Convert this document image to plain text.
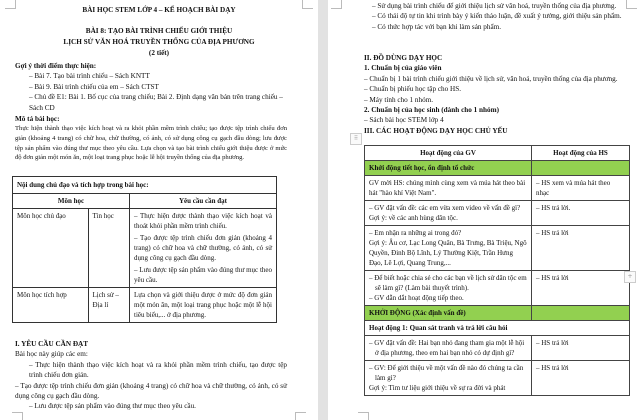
BÀI HỌC STEM LỚP 4 – KẾ HOẠCH BÀI DẠY
BÀI 8: TẠO BÀI TRÌNH CHIẾU GIỚI THIỆU
LỊCH SỬ VĂN HOÁ TRUYỀN THỐNG CỦA ĐỊA PHƯƠNG
(2 tiết)
Gợi ý thời điểm thực hiện:
– Bài 7. Tạo bài trình chiếu – Sách KNTT
– Bài 9. Bài trình chiếu của em – Sách CTST
– Chủ đề E1: Bài 1. Bố cục của trang chiếu; Bài 2. Định dạng văn bản trên trang chiếu – Sách CD
Mô tả bài học:
Thực hiện thành thạo việc kích hoạt và ra khỏi phần mềm trình chiếu; tạo được tệp trình chiếu đơn giản (khoảng 4 trang) có chữ hoa, chữ thường, có ảnh, có sử dụng công cụ gạch đầu dòng; lưu được tệp sản phẩm vào đúng thư mục theo yêu cầu. Lựa chọn và tạo bài trình chiếu giới thiệu được ở mức độ đơn giản một món ăn, một loại trang phục hoặc lễ hội truyền thống của địa phương.
Nội dung chủ đạo và tích hợp trong bài học:		
Môn học		Yêu cầu cần đạt
Môn học chủ đạo	Tin học	– Thực hiện được thành thạo việc kích hoạt và thoát khỏi phần mềm trình chiếu.
– Tạo được tệp trình chiếu đơn giản (khoảng 4 trang) có chữ hoa và chữ thường, có ảnh, có sử dụng công cụ gạch đầu dòng.
– Lưu được tệp sản phẩm vào đúng thư mục theo yêu cầu.

Môn học tích hợp	Lịch sử – Địa lí	Lựa chọn và giới thiệu được ở mức độ đơn giản một món ăn, một loại trang phục hoặc một lễ hội tiêu biểu,... ở địa phương.
I. YÊU CẦU CẦN ĐẠT
Bài học này giúp các em:
– Thực hiện thành thạo việc kích hoạt và ra khỏi phần mềm trình chiếu, tạo được tệp trình chiếu đơn giản.
– Tạo được tệp trình chiếu đơn giản (khoảng 4 trang) có chữ hoa và chữ thường, có ảnh, có sử dụng công cụ gạch đầu dòng.
– Lưu được tệp sản phẩm vào đúng thư mục theo yêu cầu.
– Sử dụng bài trình chiếu để giới thiệu lịch sử văn hoá, truyền thống của địa phương.
– Có thái độ tự tin khi trình bày ý kiến thảo luận, đề xuất ý tưởng, giới thiệu sản phẩm.
– Có thức hợp tác với bạn khi làm sản phẩm.
II. ĐỒ DÙNG DẠY HỌC
1. Chuẩn bị của giáo viên
– Chuẩn bị 1 bài trình chiếu giới thiệu về lịch sử, văn hoá, truyền thống của địa phương.
– Chuẩn bị phiếu học tập cho HS.
– Máy tính cho 1 nhóm.
2. Chuẩn bị của học sinh (dành cho 1 nhóm)
– Sách bài học STEM lớp 4
III. CÁC HOẠT ĐỘNG DẠY HỌC CHỦ YẾU
⠿
Hoạt động của GV	Hoạt động của HS
Khởi động tiết học, ổn định tổ chức	

GV mời HS: chúng mình cùng xem và múa hát theo bài hát "hào khí Việt Nam".	– HS xem và múa hát theo nhạc

– GV đặt vấn đề: các em vừa xem video về vấn đề gì?
Gợi ý: về các anh hùng dân tộc.	– HS trả lời.

– Em nhận ra những ai trong đó?
Gợi ý: Âu cơ, Lạc Long Quân, Bà Trưng, Bà Triệu, Ngô Quyền, Đinh Bộ Lĩnh, Lý Thường Kiệt, Trần Hưng Đạo, Lê Lợi, Quang Trung,...	– HS trả lời

– Để biết hoặc chia sẻ cho các bạn về lịch sử dân tộc em sẽ làm gì? (Làm bài thuyết trình).
– GV dẫn dắt hoạt động tiếp theo.	– HS trả lời
KHỞI ĐỘNG (Xác định vấn đề)	
Hoạt động 1: Quan sát tranh và trả lời câu hỏi	

– GV đặt vấn đề: Hai bạn nhỏ đang tham gia một lễ hội ở địa phương, theo em hai bạn nhỏ có dự định gì?	– HS trả lời

– GV: Để giới thiệu về một vấn đề nào đó chúng ta cần làm gì?
Gợi ý: Tìm tư liệu giới thiệu về sự ra đời và phát	– HS trả lời
+
